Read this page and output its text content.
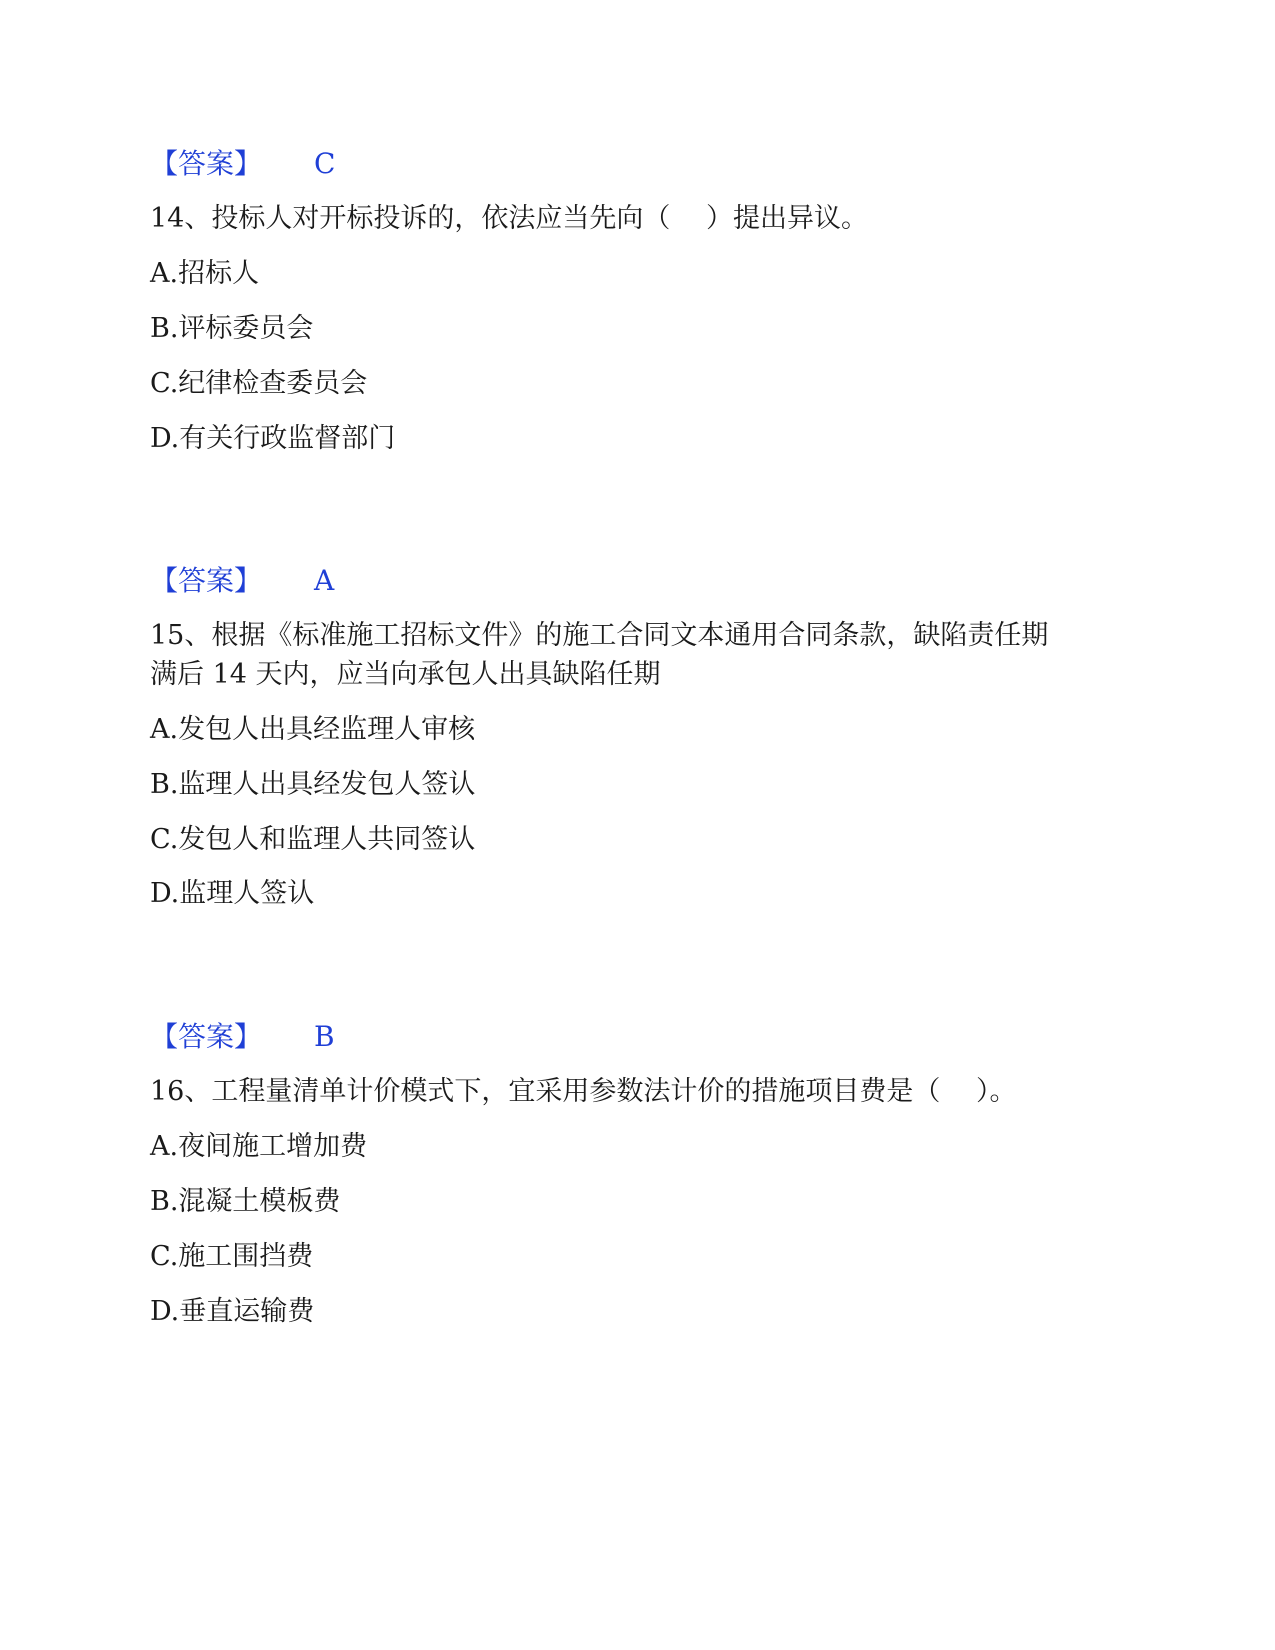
【答案】 C
14、投标人对开标投诉的，依法应当先向（　 ）提出异议。
A.招标人
B.评标委员会
C.纪律检查委员会
D.有关行政监督部门
【答案】 A
15、根据《标准施工招标文件》的施工合同文本通用合同条款，缺陷责任期
满后 14 天内，应当向承包人出具缺陷任期
A.发包人出具经监理人审核
B.监理人出具经发包人签认
C.发包人和监理人共同签认
D.监理人签认
【答案】 B
16、工程量清单计价模式下，宜采用参数法计价的措施项目费是（　 ）。
A.夜间施工增加费
B.混凝土模板费
C.施工围挡费
D.垂直运输费
